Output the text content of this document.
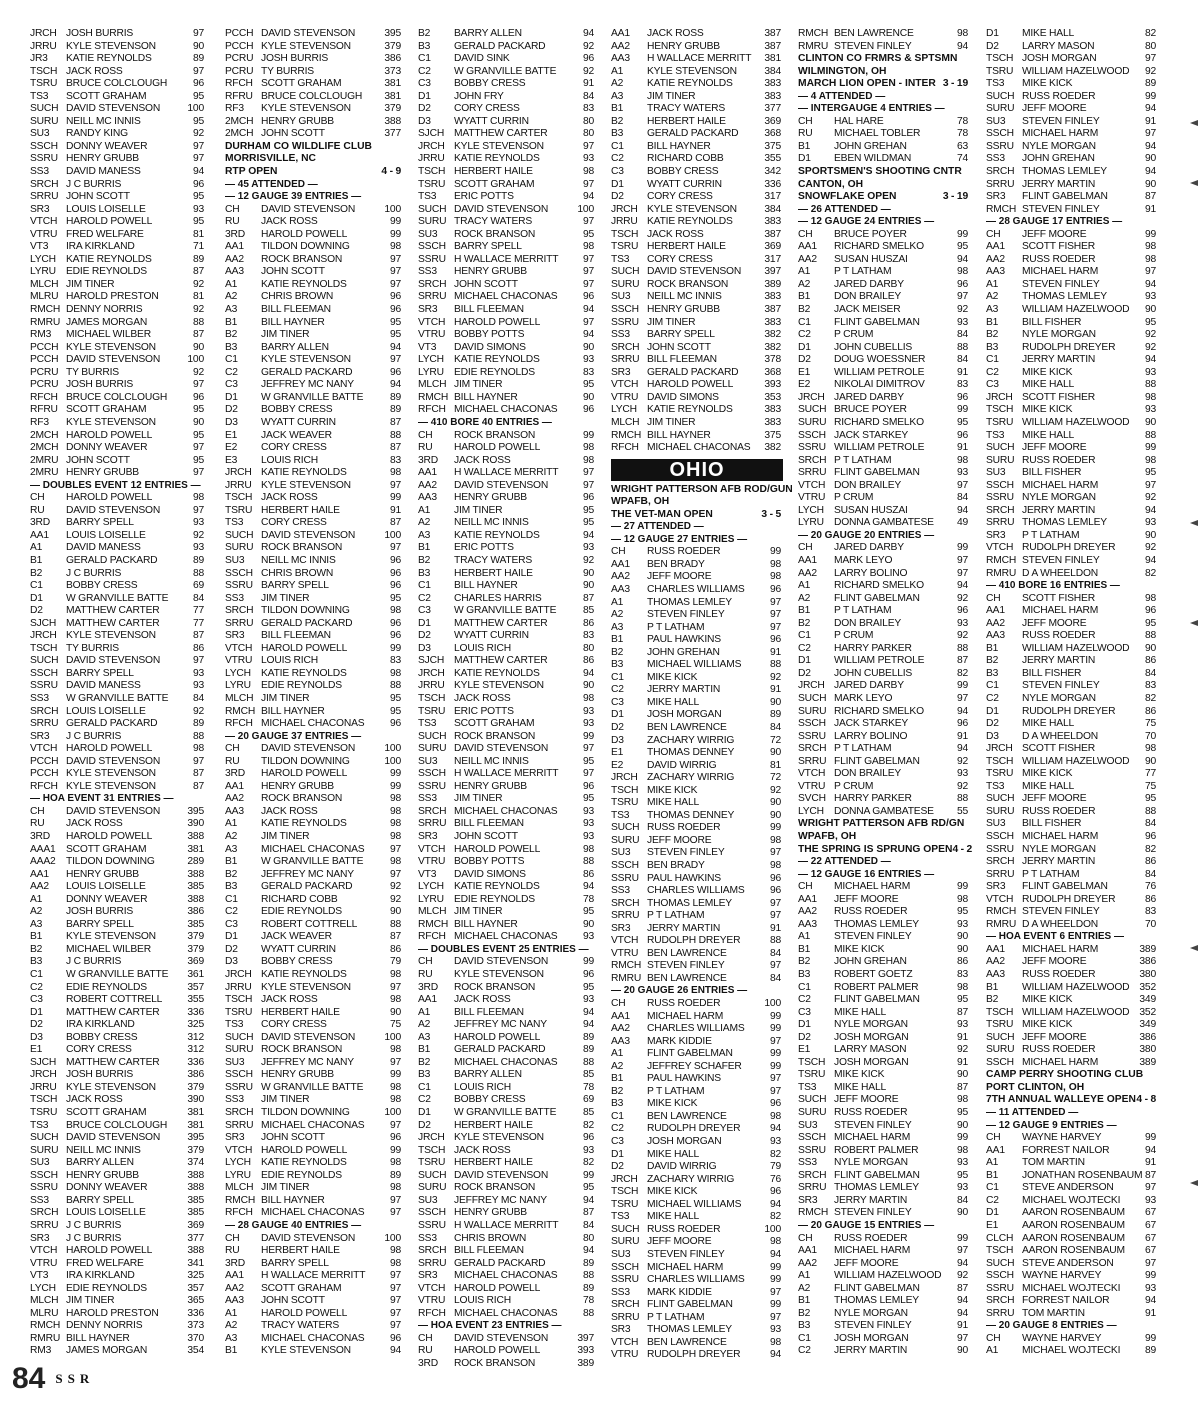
JRCH JOSH BURRIS	97
JRRU KYLE STEVENSON	90
JR3	KATIE REYNOLDS	89
TSCH JACK ROSS	97
TSRU BRUCE COLCLOUGH	96
TS3	SCOTT GRAHAM	95
SUCH DAVID STEVENSON	100
SURU NEILL MC INNIS	95
SU3	RANDY KING	92
SSCH DONNY WEAVER	97
SSRU HENRY GRUBB	97
SS3	DAVID MANESS	94
SRCH J C BURRIS	96
SRRU JOHN SCOTT	95
SR3	LOUIS LOISELLE	93
VTCH HAROLD POWELL	95
VTRU FRED WELFARE	81
VT3	IRA KIRKLAND	71
LYCH KATIE REYNOLDS	89
LYRU EDIE REYNOLDS	87
MLCH JIM TINER	92
MLRU HAROLD PRESTON	81
RMCH DENNY NORRIS	92
RMRU JAMES MORGAN	88
RM3	MICHAEL WILBER	87
PCCH KYLE STEVENSON	90
PCCH DAVID STEVENSON	100
PCRU TY BURRIS	92
PCRU JOSH BURRIS	97
RFCH BRUCE COLCLOUGH	96
RFRU SCOTT GRAHAM	95
RF3	KYLE STEVENSON	90
2MCH HAROLD POWELL	95
2MCH DONNY WEAVER	97
2MRU JOHN SCOTT	95
2MRU HENRY GRUBB	97
— DOUBLES EVENT 12 ENTRIES —
CH	HAROLD POWELL	98
RU	DAVID STEVENSON	97
3RD	BARRY SPELL	93
AA1	LOUIS LOISELLE	92
A1	DAVID MANESS	93
B1	GERALD PACKARD	89
B2	J C BURRIS	88
C1	BOBBY CRESS	69
D1	W GRANVILLE BATTE	84
D2	MATTHEW CARTER	77
SJCH MATTHEW CARTER	77
JRCH KYLE STEVENSON	87
TSCH TY BURRIS	86
SUCH DAVID STEVENSON	97
SSCH BARRY SPELL	93
SSRU DAVID MANESS	93
SS3	W GRANVILLE BATTE	84
SRCH LOUIS LOISELLE	92
SRRU GERALD PACKARD	89
SR3	J C BURRIS	88
VTCH HAROLD POWELL	98
PCCH DAVID STEVENSON	97
PCCH KYLE STEVENSON	87
RFCH KYLE STEVENSON	87
— HOA EVENT 31 ENTRIES —
CH	DAVID STEVENSON	395
RU	JACK ROSS	390
3RD	HAROLD POWELL	388
AAA1	SCOTT GRAHAM	381
AAA2	TILDON DOWNING	289
AA1	HENRY GRUBB	388
AA2	LOUIS LOISELLE	385
A1	DONNY WEAVER	388
A2	JOSH BURRIS	386
A3	BARRY SPELL	385
B1	KYLE STEVENSON	379
B2	MICHAEL WILBER	379
B3	J C BURRIS	369
C1	W GRANVILLE BATTE	361
C2	EDIE REYNOLDS	357
C3	ROBERT COTTRELL	355
D1	MATTHEW CARTER	336
D2	IRA KIRKLAND	325
D3	BOBBY CRESS	312
E1	CORY CRESS	312
SJCH MATTHEW CARTER	336
JRCH JOSH BURRIS	386
JRRU KYLE STEVENSON	379
TSCH JACK ROSS	390
TSRU SCOTT GRAHAM	381
TS3	BRUCE COLCLOUGH	381
SUCH DAVID STEVENSON	395
SURU NEILL MC INNIS	379
SU3	BARRY ALLEN	374
SSCH HENRY GRUBB	388
SSRU DONNY WEAVER	388
SS3	BARRY SPELL	385
SRCH LOUIS LOISELLE	385
SRRU J C BURRIS	369
SR3	J C BURRIS	377
VTCH HAROLD POWELL	388
VTRU FRED WELFARE	341
VT3	IRA KIRKLAND	325
LYCH EDIE REYNOLDS	357
MLCH JIM TINER	365
MLRU HAROLD PRESTON	336
RMCH DENNY NORRIS	373
RMRU BILL HAYNER	370
RM3	JAMES MORGAN	354
PCCH DAVID STEVENSON	395
PCCH KYLE STEVENSON	379
PCRU JOSH BURRIS	386
PCRU TY BURRIS	373
RFCH SCOTT GRAHAM	381
RFRU BRUCE COLCLOUGH	381
RF3	KYLE STEVENSON	379
2MCH HENRY GRUBB	388
2MCH JOHN SCOTT	377
DURHAM CO WILDLIFE CLUB
MORRISVILLE, NC
RTP OPEN	4 - 9
— 45 ATTENDED —
— 12 GAUGE 39 ENTRIES —
CH	DAVID STEVENSON	100
RU	JACK ROSS	99
3RD	HAROLD POWELL	99
AA1	TILDON DOWNING	98
AA2	ROCK BRANSON	97
AA3	JOHN SCOTT	97
A1	KATIE REYNOLDS	97
A2	CHRIS BROWN	96
A3	BILL FLEEMAN	96
B1	BILL HAYNER	95
B2	JIM TINER	95
B3	BARRY ALLEN	94
C1	KYLE STEVENSON	97
C2	GERALD PACKARD	96
C3	JEFFREY MC NANY	94
D1	W GRANVILLE BATTE	89
D2	BOBBY CRESS	89
D3	WYATT CURRIN	87
E1	JACK WEAVER	88
E2	CORY CRESS	87
E3	LOUIS RICH	83
JRCH KATIE REYNOLDS	98
JRRU KYLE STEVENSON	97
TSCH JACK ROSS	99
TSRU HERBERT HAILE	91
TS3	CORY CRESS	87
SUCH DAVID STEVENSON	100
SURU ROCK BRANSON	97
SU3	NEILL MC INNIS	96
SSCH CHRIS BROWN	96
SSRU BARRY SPELL	96
SS3	JIM TINER	95
SRCH TILDON DOWNING	98
SRRU GERALD PACKARD	96
SR3	BILL FLEEMAN	96
VTCH HAROLD POWELL	99
VTRU LOUIS RICH	83
LYCH KATIE REYNOLDS	98
LYRU EDIE REYNOLDS	88
MLCH JIM TINER	95
RMCH BILL HAYNER	95
RFCH MICHAEL CHACONAS	96
— 20 GAUGE 37 ENTRIES —
CH	DAVID STEVENSON	100
RU	TILDON DOWNING	100
3RD	HAROLD POWELL	99
AA1	HENRY GRUBB	99
AA2	ROCK BRANSON	98
AA3	JACK ROSS	98
A1	KATIE REYNOLDS	98
A2	JIM TINER	98
A3	MICHAEL CHACONAS	97
B1	W GRANVILLE BATTE	98
B2	JEFFREY MC NANY	97
B3	GERALD PACKARD	92
C1	RICHARD COBB	92
C2	EDIE REYNOLDS	90
C3	ROBERT COTTRELL	88
D1	JACK WEAVER	87
D2	WYATT CURRIN	86
D3	BOBBY CRESS	79
JRCH KATIE REYNOLDS	98
JRRU KYLE STEVENSON	97
TSCH JACK ROSS	98
TSRU HERBERT HAILE	90
TS3	CORY CRESS	75
SUCH DAVID STEVENSON	100
SURU ROCK BRANSON	98
SU3	JEFFREY MC NANY	97
SSCH HENRY GRUBB	99
SSRU W GRANVILLE BATTE	98
SS3	JIM TINER	98
SRCH TILDON DOWNING	100
SRRU MICHAEL CHACONAS	97
SR3	JOHN SCOTT	96
VTCH HAROLD POWELL	99
LYCH KATIE REYNOLDS	98
LYRU EDIE REYNOLDS	89
MLCH JIM TINER	98
RMCH BILL HAYNER	97
RFCH MICHAEL CHACONAS	97
— 28 GAUGE 40 ENTRIES —
CH	DAVID STEVENSON	100
RU	HERBERT HAILE	98
3RD	BARRY SPELL	98
AA1	H WALLACE MERRITT	97
AA2	SCOTT GRAHAM	97
AA3	JOHN SCOTT	97
A1	HAROLD POWELL	97
A2	TRACY WATERS	97
A3	MICHAEL CHACONAS	96
B1	KYLE STEVENSON	94
B2	BARRY ALLEN	94
B3	GERALD PACKARD	92
C1	DAVID SINK	96
C2	W GRANVILLE BATTE	92
C3	BOBBY CRESS	91
D1	JOHN FRY	84
D2	CORY CRESS	83
D3	WYATT CURRIN	80
SJCH MATTHEW CARTER	80
JRCH KYLE STEVENSON	97
JRRU KATIE REYNOLDS	93
TSCH HERBERT HAILE	98
TSRU SCOTT GRAHAM	97
TS3	ERIC POTTS	94
SUCH DAVID STEVENSON	100
SURU TRACY WATERS	97
SU3	ROCK BRANSON	95
SSCH BARRY SPELL	98
SSRU H WALLACE MERRITT	97
SS3	HENRY GRUBB	97
SRCH JOHN SCOTT	97
SRRU MICHAEL CHACONAS	96
SR3	BILL FLEEMAN	94
VTCH HAROLD POWELL	97
VTRU BOBBY POTTS	94
VT3	DAVID SIMONS	90
LYCH KATIE REYNOLDS	93
LYRU EDIE REYNOLDS	83
MLCH JIM TINER	95
RMCH BILL HAYNER	90
RFCH MICHAEL CHACONAS	96
— 410 BORE 40 ENTRIES —
CH	ROCK BRANSON	99
RU	HAROLD POWELL	98
3RD	JACK ROSS	98
AA1	H WALLACE MERRITT	97
AA2	DAVID STEVENSON	97
AA3	HENRY GRUBB	96
A1	JIM TINER	95
A2	NEILL MC INNIS	95
A3	KATIE REYNOLDS	94
B1	ERIC POTTS	93
B2	TRACY WATERS	92
B3	HERBERT HAILE	90
C1	BILL HAYNER	90
C2	CHARLES HARRIS	87
C3	W GRANVILLE BATTE	85
D1	MATTHEW CARTER	86
D2	WYATT CURRIN	83
D3	LOUIS RICH	80
SJCH MATTHEW CARTER	86
JRCH KATIE REYNOLDS	94
JRRU KYLE STEVENSON	90
TSCH JACK ROSS	98
TSRU ERIC POTTS	93
TS3	SCOTT GRAHAM	93
SUCH ROCK BRANSON	99
SURU DAVID STEVENSON	97
SU3	NEILL MC INNIS	95
SSCH H WALLACE MERRITT	97
SSRU HENRY GRUBB	96
SS3	JIM TINER	95
SRCH MICHAEL CHACONAS	93
SRRU BILL FLEEMAN	93
SR3	JOHN SCOTT	93
VTCH HAROLD POWELL	98
VTRU BOBBY POTTS	88
VT3	DAVID SIMONS	86
LYCH KATIE REYNOLDS	94
LYRU EDIE REYNOLDS	78
MLCH JIM TINER	95
RMCH BILL HAYNER	90
RFCH MICHAEL CHACONAS	93
— DOUBLES EVENT 25 ENTRIES —
CH	DAVID STEVENSON	99
RU	KYLE STEVENSON	96
3RD	ROCK BRANSON	95
AA1	JACK ROSS	93
A1	BILL FLEEMAN	94
A2	JEFFREY MC NANY	94
A3	HAROLD POWELL	89
B1	GERALD PACKARD	89
B2	MICHAEL CHACONAS	88
B3	BARRY ALLEN	85
C1	LOUIS RICH	78
C2	BOBBY CRESS	69
D1	W GRANVILLE BATTE	85
D2	HERBERT HAILE	82
JRCH KYLE STEVENSON	96
TSCH JACK ROSS	93
TSRU HERBERT HAILE	82
SUCH DAVID STEVENSON	99
SURU ROCK BRANSON	95
SU3	JEFFREY MC NANY	94
SSCH HENRY GRUBB	87
SSRU H WALLACE MERRITT	84
SS3	CHRIS BROWN	80
SRCH BILL FLEEMAN	94
SRRU GERALD PACKARD	89
SR3	MICHAEL CHACONAS	88
VTCH HAROLD POWELL	89
VTRU LOUIS RICH	78
RFCH MICHAEL CHACONAS	88
— HOA EVENT 23 ENTRIES —
CH	DAVID STEVENSON	397
RU	HAROLD POWELL	393
3RD	ROCK BRANSON	389
AA1	JACK ROSS	387
AA2	HENRY GRUBB	387
AA3	H WALLACE MERRITT	381
A1	KYLE STEVENSON	384
A2	KATIE REYNOLDS	383
A3	JIM TINER	383
B1	TRACY WATERS	377
B2	HERBERT HAILE	369
B3	GERALD PACKARD	368
C1	BILL HAYNER	375
C2	RICHARD COBB	355
C3	BOBBY CRESS	342
D1	WYATT CURRIN	336
D2	CORY CRESS	317
JRCH KYLE STEVENSON	384
JRRU KATIE REYNOLDS	383
TSCH JACK ROSS	387
TSRU HERBERT HAILE	369
TS3	CORY CRESS	317
SUCH DAVID STEVENSON	397
SURU ROCK BRANSON	389
SU3	NEILL MC INNIS	383
SSCH HENRY GRUBB	387
SSRU JIM TINER	383
SS3	BARRY SPELL	382
SRCH JOHN SCOTT	382
SRRU BILL FLEEMAN	378
SR3	GERALD PACKARD	368
VTCH HAROLD POWELL	393
VTRU DAVID SIMONS	353
LYCH KATIE REYNOLDS	383
MLCH JIM TINER	383
RMCH BILL HAYNER	375
RFCH MICHAEL CHACONAS	382
OHIO
WRIGHT PATTERSON AFB ROD/GUN
WPAFB, OH
THE VET-MAN OPEN	3 - 5
— 27 ATTENDED —
— 12 GAUGE 27 ENTRIES —
CH	RUSS ROEDER	99
AA1	BEN BRADY	98
AA2	JEFF MOORE	98
AA3	CHARLES WILLIAMS	96
A1	THOMAS LEMLEY	97
A2	STEVEN FINLEY	97
A3	P T LATHAM	97
B1	PAUL HAWKINS	96
B2	JOHN GREHAN	91
B3	MICHAEL WILLIAMS	88
C1	MIKE KICK	92
C2	JERRY MARTIN	91
C3	MIKE HALL	90
D1	JOSH MORGAN	89
D2	BEN LAWRENCE	84
D3	ZACHARY WIRRIG	72
E1	THOMAS DENNEY	90
E2	DAVID WIRRIG	81
JRCH ZACHARY WIRRIG	72
TSCH MIKE KICK	92
TSRU MIKE HALL	90
TS3	THOMAS DENNEY	90
SUCH RUSS ROEDER	99
SURU JEFF MOORE	98
SU3	STEVEN FINLEY	97
SSCH BEN BRADY	98
SSRU PAUL HAWKINS	96
SS3	CHARLES WILLIAMS	96
SRCH THOMAS LEMLEY	97
SRRU P T LATHAM	97
SR3	JERRY MARTIN	91
VTCH RUDOLPH DREYER	88
VTRU BEN LAWRENCE	84
RMCH STEVEN FINLEY	97
RMRU BEN LAWRENCE	84
— 20 GAUGE 26 ENTRIES —
CH	RUSS ROEDER	100
AA1	MICHAEL HARM	99
AA2	CHARLES WILLIAMS	99
AA3	MARK KIDDIE	97
A1	FLINT GABELMAN	99
A2	JEFFREY SCHAFER	99
B1	PAUL HAWKINS	97
B2	P T LATHAM	97
B3	MIKE KICK	96
C1	BEN LAWRENCE	98
C2	RUDOLPH DREYER	94
C3	JOSH MORGAN	93
D1	MIKE HALL	82
D2	DAVID WIRRIG	79
JRCH ZACHARY WIRRIG	76
TSCH MIKE KICK	96
TSRU MICHAEL WILLIAMS	94
TS3	MIKE HALL	82
SUCH RUSS ROEDER	100
SURU JEFF MOORE	98
SU3	STEVEN FINLEY	94
SSCH MICHAEL HARM	99
SSRU CHARLES WILLIAMS	99
SS3	MARK KIDDIE	97
SRCH FLINT GABELMAN	99
SRRU P T LATHAM	97
SR3	THOMAS LEMLEY	93
VTCH BEN LAWRENCE	98
VTRU RUDOLPH DREYER	94
RMCH BEN LAWRENCE	98
RMRU STEVEN FINLEY	94
CLINTON CO FRMRS & SPTSMN
WILMINGTON, OH
MARCH LION OPEN - INTER 3 - 19
— 4 ATTENDED —
— INTERGAUGE 4 ENTRIES —
CH	HAL HARE	78
RU	MICHAEL TOBLER	78
B1	JOHN GREHAN	63
D1	EBEN WILDMAN	74
SPORTSMEN'S SHOOTING CNTR
CANTON, OH
SNOWFLAKE OPEN	3 - 19
— 26 ATTENDED —
— 12 GAUGE 24 ENTRIES —
CH	BRUCE POYER	99
AA1	RICHARD SMELKO	95
AA2	SUSAN HUSZAI	94
A1	P T LATHAM	98
A2	JARED DARBY	96
B1	DON BRAILEY	97
B2	JACK MEISER	92
C1	FLINT GABELMAN	93
C2	P CRUM	84
D1	JOHN CUBELLIS	88
D2	DOUG WOESSNER	84
E1	WILLIAM PETROLE	91
E2	NIKOLAI DIMITROV	83
JRCH JARED DARBY	96
SUCH BRUCE POYER	99
SURU RICHARD SMELKO	95
SSCH JACK STARKEY	96
SSRU WILLIAM PETROLE	91
SRCH P T LATHAM	98
SRRU FLINT GABELMAN	93
VTCH DON BRAILEY	97
VTRU P CRUM	84
LYCH SUSAN HUSZAI	94
LYRU DONNA GAMBATESE	49
— 20 GAUGE 20 ENTRIES —
CH	JARED DARBY	99
AA1	MARK LEYO	97
AA2	LARRY BOLINO	97
A1	RICHARD SMELKO	94
A2	FLINT GABELMAN	92
B1	P T LATHAM	96
B2	DON BRAILEY	93
C1	P CRUM	92
C2	HARRY PARKER	88
D1	WILLIAM PETROLE	87
D2	JOHN CUBELLIS	82
JRCH JARED DARBY	99
SUCH MARK LEYO	97
SURU RICHARD SMELKO	94
SSCH JACK STARKEY	96
SSRU LARRY BOLINO	91
SRCH P T LATHAM	94
SRRU FLINT GABELMAN	92
VTCH DON BRAILEY	93
VTRU P CRUM	92
SVCH HARRY PARKER	88
LYCH DONNA GAMBATESE	55
WRIGHT PATTERSON AFB RD/GN
WPAFB, OH
THE SPRING IS SPRUNG OPEN 4 - 2
— 22 ATTENDED —
— 12 GAUGE 16 ENTRIES —
CH	MICHAEL HARM	99
AA1	JEFF MOORE	98
AA2	RUSS ROEDER	95
AA3	THOMAS LEMLEY	93
A1	STEVEN FINLEY	90
B1	MIKE KICK	90
B2	JOHN GREHAN	86
B3	ROBERT GOETZ	83
C1	ROBERT PALMER	98
C2	FLINT GABELMAN	95
C3	MIKE HALL	87
D1	NYLE MORGAN	93
D2	JOSH MORGAN	91
E1	LARRY MASON	92
TSCH JOSH MORGAN	91
TSRU MIKE KICK	90
TS3	MIKE HALL	87
SUCH JEFF MOORE	98
SURU RUSS ROEDER	95
SU3	STEVEN FINLEY	90
SSCH MICHAEL HARM	99
SSRU ROBERT PALMER	98
SS3	NYLE MORGAN	93
SRCH FLINT GABELMAN	95
SRRU THOMAS LEMLEY	93
SR3	JERRY MARTIN	84
RMCH STEVEN FINLEY	90
— 20 GAUGE 15 ENTRIES —
CH	RUSS ROEDER	99
AA1	MICHAEL HARM	97
AA2	JEFF MOORE	94
A1	WILLIAM HAZELWOOD	92
A2	FLINT GABELMAN	87
B1	THOMAS LEMLEY	94
B2	NYLE MORGAN	94
B3	STEVEN FINLEY	91
C1	JOSH MORGAN	97
C2	JERRY MARTIN	90
D1	MIKE HALL	82
D2	LARRY MASON	80
TSCH JOSH MORGAN	97
TSRU WILLIAM HAZELWOOD	92
TS3	MIKE KICK	89
SUCH RUSS ROEDER	99
SURU JEFF MOORE	94
SU3	STEVEN FINLEY	91
SSCH MICHAEL HARM	97
SSRU NYLE MORGAN	94
SS3	JOHN GREHAN	90
SRCH THOMAS LEMLEY	94
SRRU JERRY MARTIN	90
SR3	FLINT GABELMAN	87
RMCH STEVEN FINLEY	91
— 28 GAUGE 17 ENTRIES —
CH	JEFF MOORE	99
AA1	SCOTT FISHER	98
AA2	RUSS ROEDER	98
AA3	MICHAEL HARM	97
A1	STEVEN FINLEY	94
A2	THOMAS LEMLEY	93
A3	WILLIAM HAZELWOOD	90
B1	BILL FISHER	95
B2	NYLE MORGAN	92
B3	RUDOLPH DREYER	92
C1	JERRY MARTIN	94
C2	MIKE KICK	93
C3	MIKE HALL	88
JRCH SCOTT FISHER	98
TSCH MIKE KICK	93
TSRU WILLIAM HAZELWOOD	90
TS3	MIKE HALL	88
SUCH JEFF MOORE	99
SURU RUSS ROEDER	98
SU3	BILL FISHER	95
SSCH MICHAEL HARM	97
SSRU NYLE MORGAN	92
SRCH JERRY MARTIN	94
SRRU THOMAS LEMLEY	93
SR3	P T LATHAM	90
VTCH RUDOLPH DREYER	92
RMCH STEVEN FINLEY	94
RMRU D A WHEELDON	82
— 410 BORE 16 ENTRIES —
CH	SCOTT FISHER	98
AA1	MICHAEL HARM	96
AA2	JEFF MOORE	95
AA3	RUSS ROEDER	88
B1	WILLIAM HAZELWOOD	90
B2	JERRY MARTIN	86
B3	BILL FISHER	84
C1	STEVEN FINLEY	83
C2	NYLE MORGAN	82
D1	RUDOLPH DREYER	86
D2	MIKE HALL	75
D3	D A WHEELDON	70
JRCH SCOTT FISHER	98
TSCH WILLIAM HAZELWOOD	90
TSRU MIKE KICK	77
TS3	MIKE HALL	75
SUCH JEFF MOORE	95
SURU RUSS ROEDER	88
SU3	BILL FISHER	84
SSCH MICHAEL HARM	96
SSRU NYLE MORGAN	82
SRCH JERRY MARTIN	86
SRRU P T LATHAM	84
SR3	FLINT GABELMAN	76
VTCH RUDOLPH DREYER	86
RMCH STEVEN FINLEY	83
RMRU D A WHEELDON	70
— HOA EVENT 6 ENTRIES —
AA1	MICHAEL HARM	389
AA2	JEFF MOORE	386
AA3	RUSS ROEDER	380
B1	WILLIAM HAZELWOOD 352
B2	MIKE KICK	349
TSCH WILLIAM HAZELWOOD 352
TSRU MIKE KICK	349
SUCH JEFF MOORE	386
SURU RUSS ROEDER	380
SSCH MICHAEL HARM	389
CAMP PERRY SHOOTING CLUB
PORT CLINTON, OH
7TH ANNUAL WALLEYE OPEN 4 - 8
— 11 ATTENDED —
— 12 GAUGE 9 ENTRIES —
CH	WAYNE HARVEY	99
AA1	FORREST NAILOR	94
A1	TOM MARTIN	91
B1	JONATHAN ROSENBAUM 87
C1	STEVE ANDERSON	97
C2	MICHAEL WOJTECKI	93
D1	AARON ROSENBAUM	67
E1	AARON ROSENBAUM	67
CLCH AARON ROSENBAUM	67
TSCH AARON ROSENBAUM	67
SUCH STEVE ANDERSON	97
SSCH WAYNE HARVEY	99
SSRU MICHAEL WOJTECKI	93
SRCH FORREST NAILOR	94
SRRU TOM MARTIN	91
— 20 GAUGE 8 ENTRIES —
CH	WAYNE HARVEY	99
A1	MICHAEL WOJTECKI	89
84 SSR
